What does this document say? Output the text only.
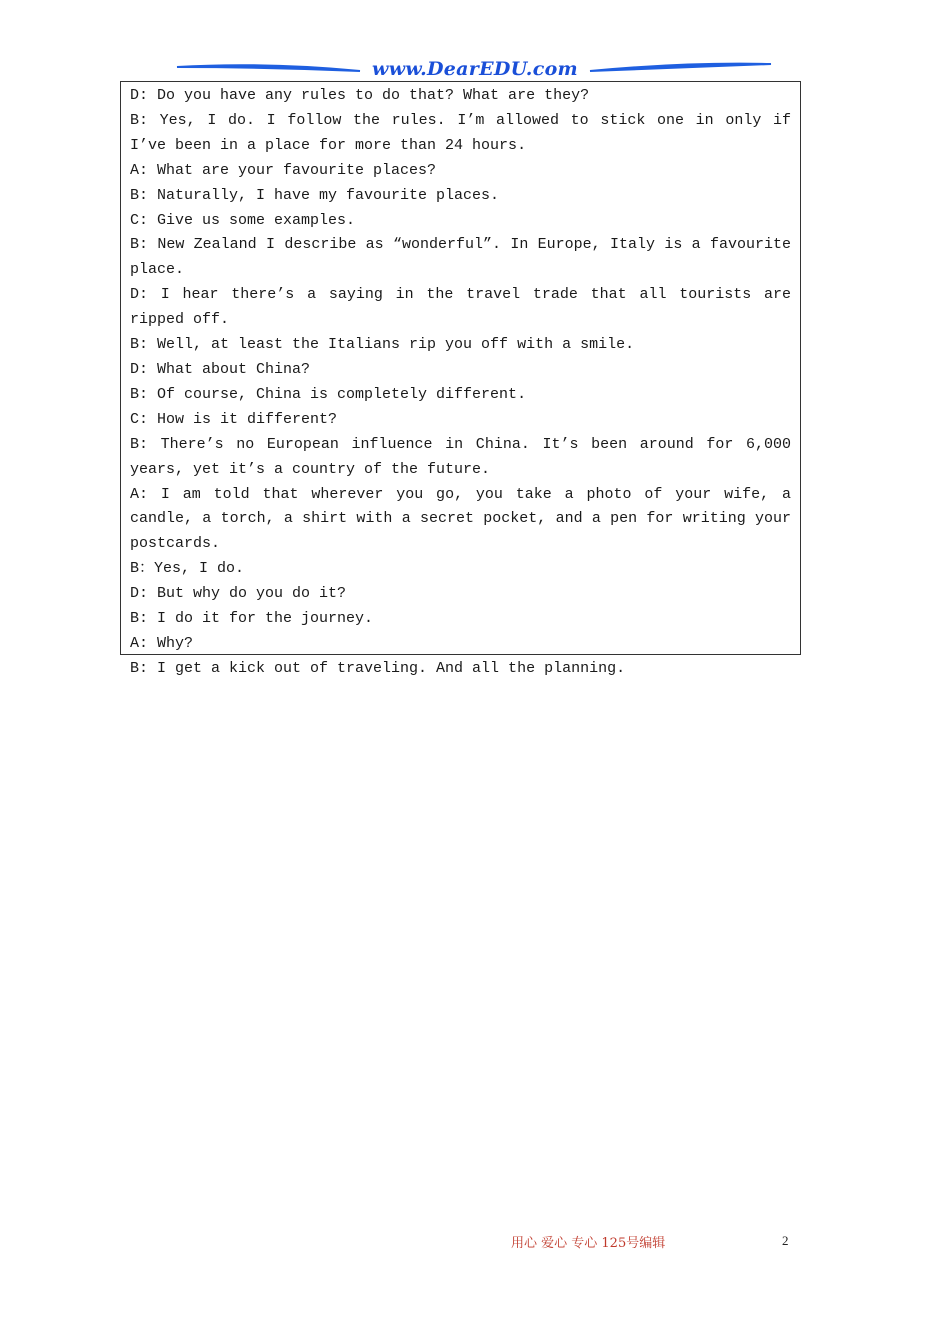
www.DearEDU.com
D: Do you have any rules to do that? What are they?
B: Yes, I do. I follow the rules. I’m allowed to stick one in only if I’ve been in a place for more than 24 hours.
A: What are your favourite places?
B: Naturally, I have my favourite places.
C: Give us some examples.
B: New Zealand I describe as “wonderful”. In Europe, Italy is a favourite place.
D: I hear there’s a saying in the travel trade that all tourists are ripped off.
B: Well, at least the Italians rip you off with a smile.
D: What about China?
B: Of course, China is completely different.
C: How is it different?
B: There’s no European influence in China. It’s been around for 6,000 years, yet it’s a country of the future.
A: I am told that wherever you go, you take a photo of your wife, a candle, a torch, a shirt with a secret pocket, and a pen for writing your postcards.
B：Yes, I do.
D: But why do you do it?
B: I do it for the journey.
A: Why?
B: I get a kick out of traveling. And all the planning.
用心 爱心 专心 125号编辑	2
